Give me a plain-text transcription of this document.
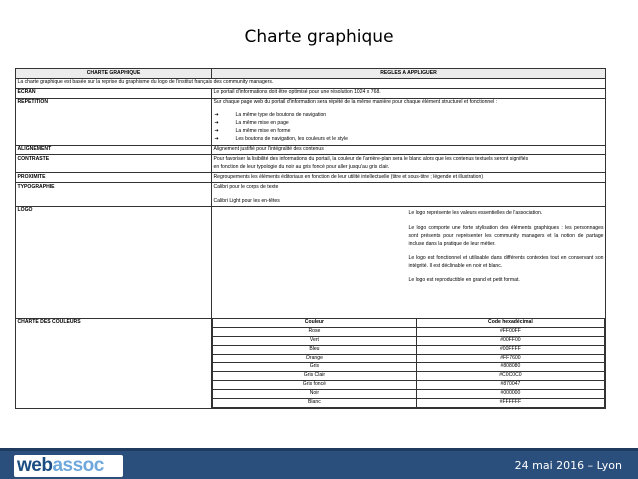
Charte graphique
CHARTE GRAPHIQUE	REGLES A APPLIGUER
La charte graphique est basée sur la reprise du graphisme du logo de l'institut français des community managers.
ECRAN	Le portail d'informations doit être optimisé pour une résolution 1024 x 768.
REPETITION	Sur chaque page web du portail d'information sera répété de la même manière pour chaque élément structurel et fonctionnel :

➔ La même type de boutons de navigation
➔ La même mise en page
➔ La même mise en forme
➔ Les boutons de navigation, les couleurs et le style

ALIGNEMENT	Alignement justifié pour l'intégralité des contenus
CONTRASTE	Pour favoriser la lisibilité des informations du portail, la couleur de l'arrière-plan sera le blanc alors que les contenus textuels seront signifiés

en fonction de leur typologie du noir au gris foncé pour aller jusqu'au gris clair.

PROXIMITE	Regroupements les éléments éditoriaux en fonction de leur utilité intellectuelle (titre et sous-titre ; légende et illustration)
TYPOGRAPHIE	Calibri pour le corps de texte

Calibri Light pour les en-têtes

LOGO	Le logo représente les valeurs essentielles de l'association.

Le logo comporte une forte stylisation des éléments graphiques : les personnages sont présents pour représenter les community managers et la notion de partage incluse dans la pratique de leur métier.

Le logo est fonctionnel et utilisable dans différents contextes tout en conservant son intégrité. Il est déclinable en noir et blanc.

Le logo est reproductible en grand et petit format.

CHARTE DES COULEURS		Couleur	Code hexadécimal
Rose	#FF00FF
Vert	#00FF00
Bleu	#00FFFF
Orange	#FF7600
Gris	#808080
Gris Clair	#C0C0C0
Gris foncé	#870047
Noir	#000000
Blanc	#FFFFFF
web assoc	24 mai 2016 – Lyon
